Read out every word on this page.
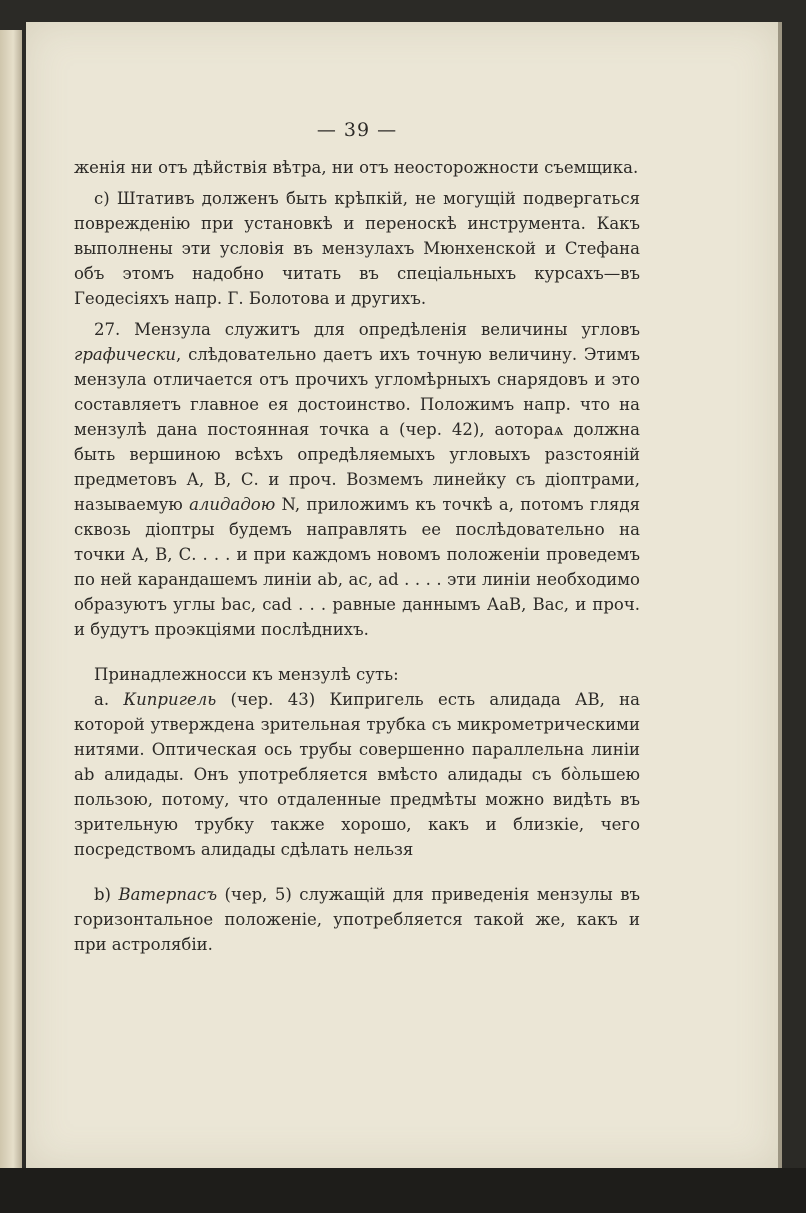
— 39 —

женія ни отъ дѣйствія вѣтра, ни отъ неосторожности съемщика.

с) Штативъ долженъ быть крѣпкій, не могущій подвергаться поврежденію при установкѣ и переноскѣ инструмента. Какъ выполнены эти условія въ мензулахъ Мюнхенской и Стефана объ этомъ надобно читать въ спеціальныхъ курсахъ—въ Геодесіяхъ напр. Г. Болотова и другихъ.

27. Мензула служитъ для опредѣленія величины угловъ графически, слѣдовательно даетъ ихъ точную величину. Этимъ мензула отличается отъ прочихъ угломѣрныхъ снарядовъ и это составляетъ главное ея достоинство. Положимъ напр. что на мензулѣ дана постоянная точка а (чер. 42), аотораѧ должна быть вершиною всѣхъ опредѣляемыхъ угловыхъ разстояній предметовъ А, В, С. и проч. Возмемъ линейку съ діоптрами, называемую алидадою N, приложимъ къ точкѣ а, потомъ глядя сквозь діоптры будемъ направлять ее послѣдовательно на точки А, В, С. . . . и при каждомъ новомъ положеніи проведемъ по ней карандашемъ линіи аb, ас, аd . . . . эти линіи необходимо образуютъ углы bас, саd . . . равные даннымъ АаВ, Вас, и проч. и будутъ проэкціями послѣднихъ.

Принадлежносси къ мензулѣ суть:

а. Кипригель (чер. 43) Кипригель есть алидада АВ, на которой утверждена зрительная трубка съ микрометрическими нитями. Оптическая ось трубы совершенно параллельна линіи аb алидады. Онъ употребляется вмѣсто алидады съ бо̀льшею пользою, потому, что отдаленные предмѣты можно видѣть въ зрительную трубку также хорошо, какъ и близкіе, чего посредствомъ алидады сдѣлать нельзя

b) Ватерпасъ (чер, 5) служащій для приведенія мензулы въ горизонтальное положеніе, употребляется такой же, какъ и при астролябіи.
